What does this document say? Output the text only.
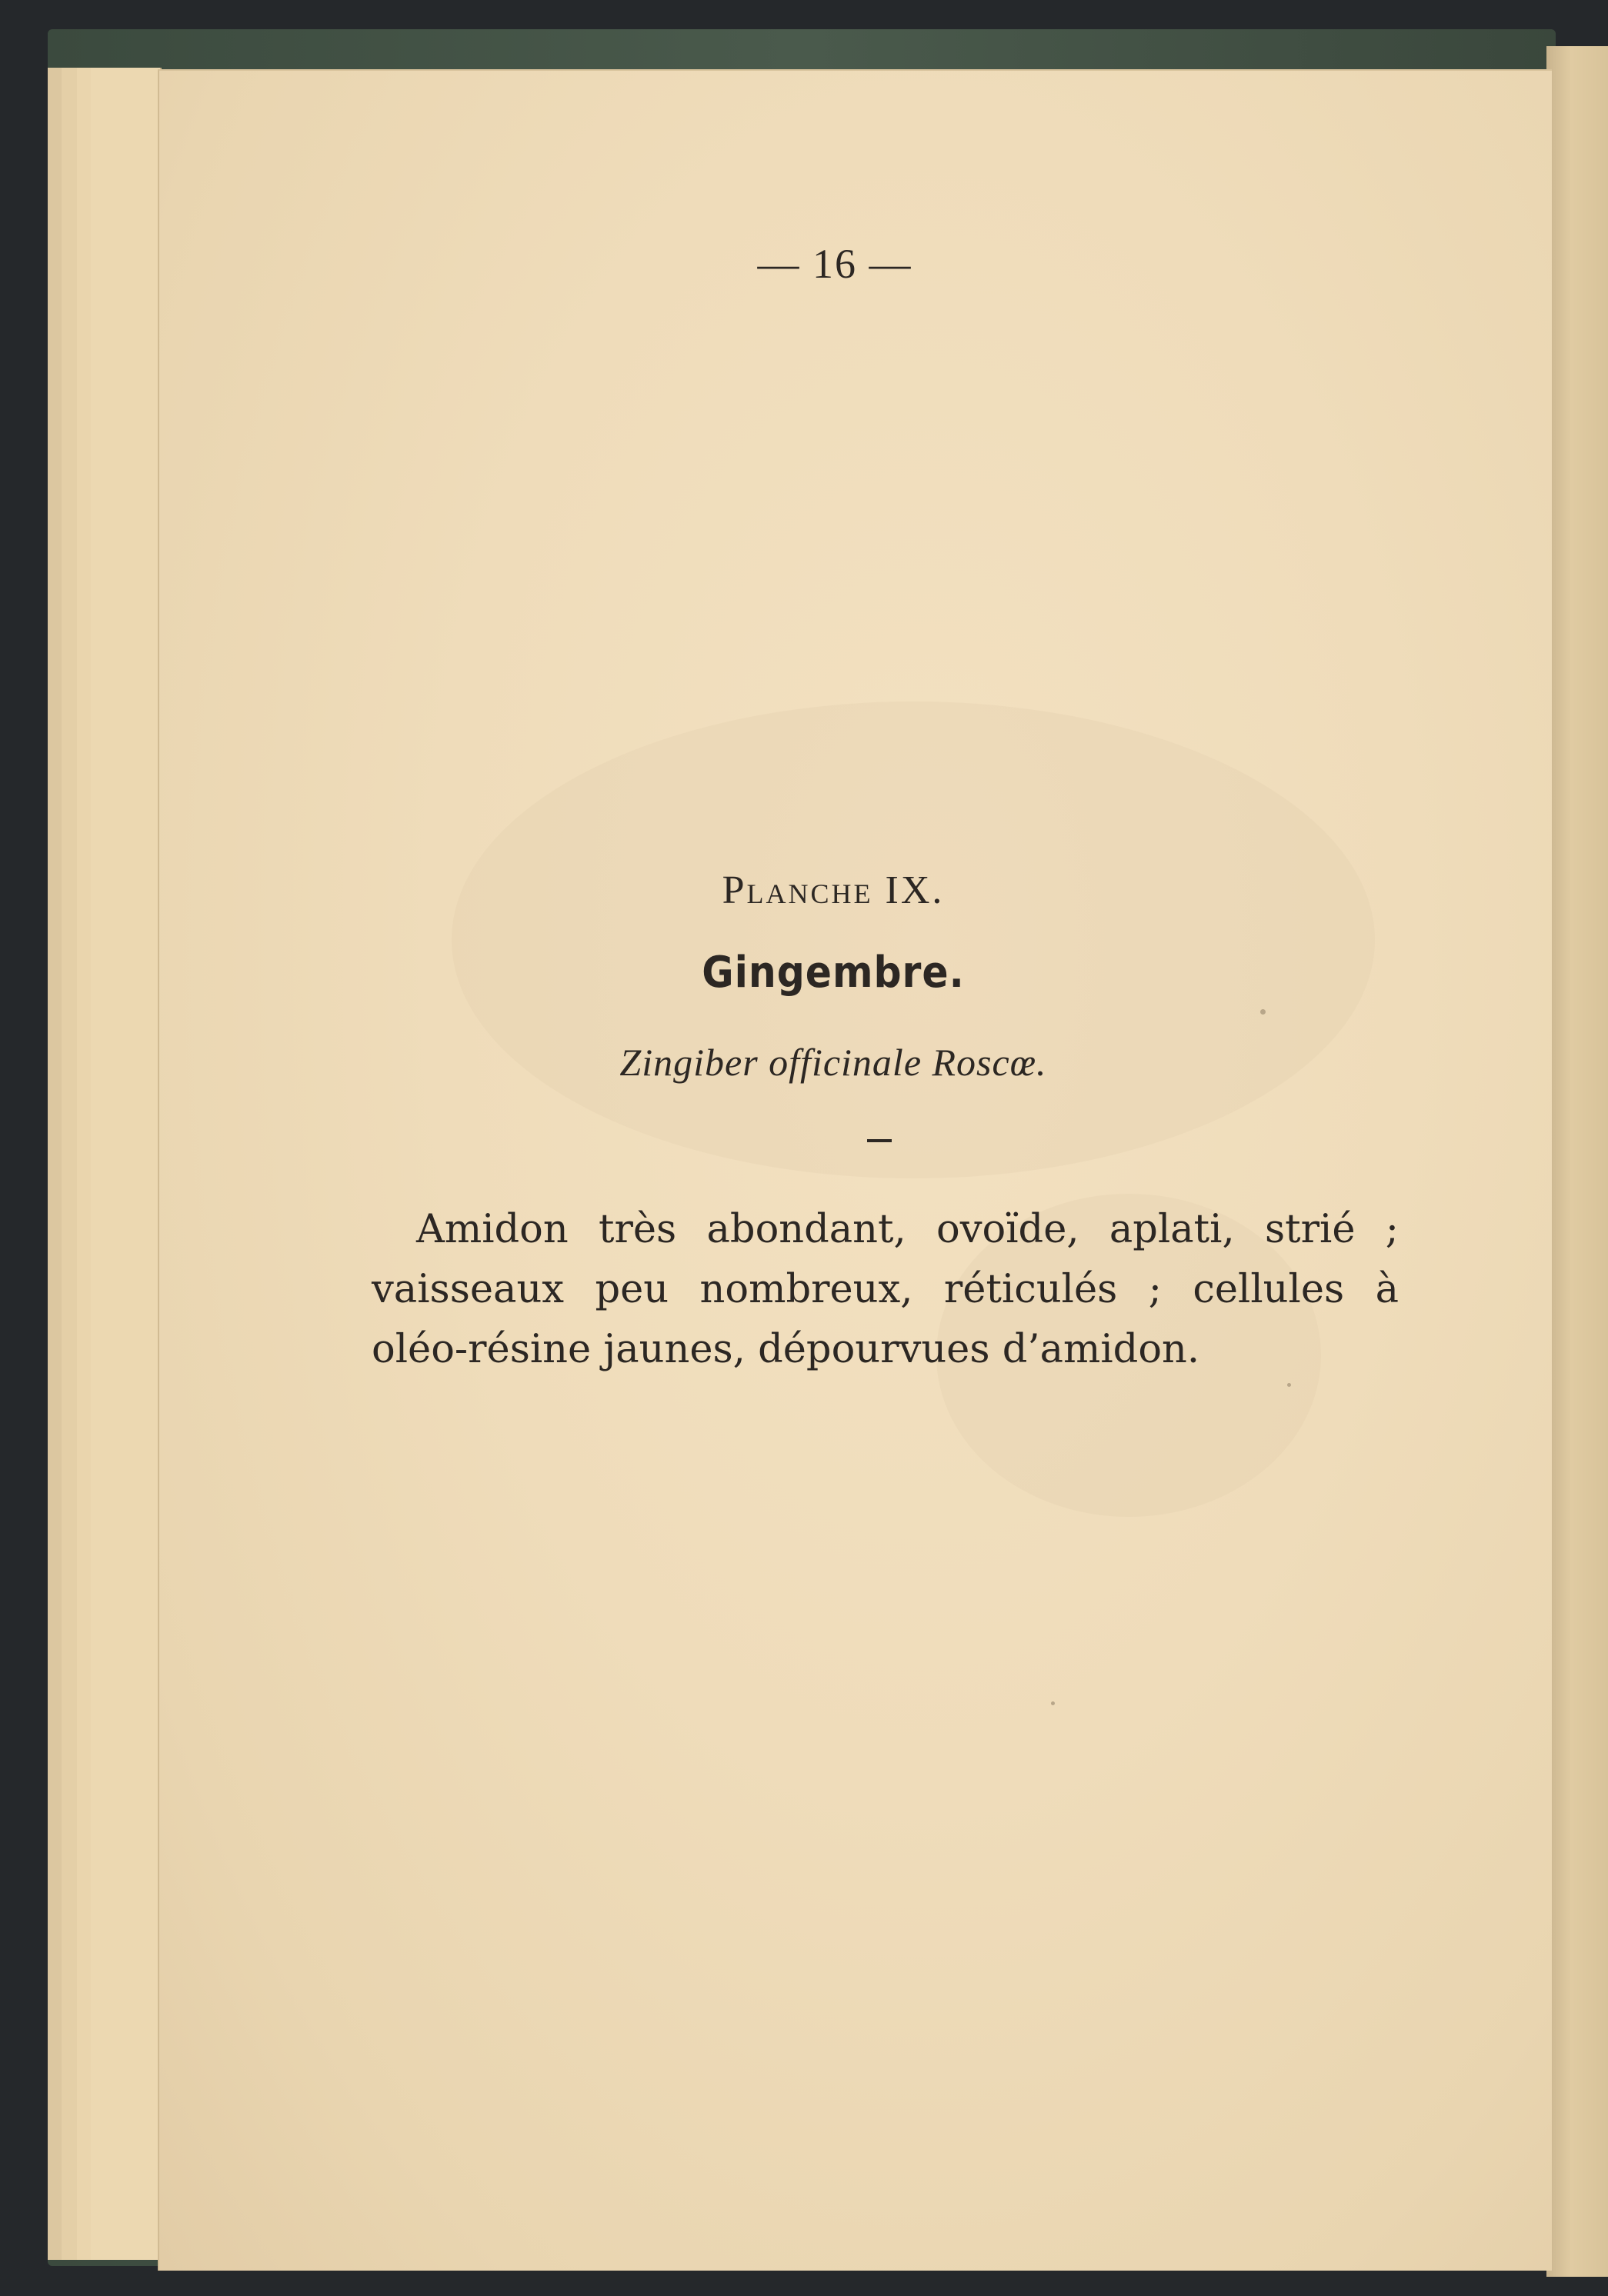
— 16 —
Planche IX.
Gingembre.
Zingiber officinale Roscœ.
Amidon très abondant, ovoïde, aplati, strié ;
vaisseaux peu nombreux, réticulés ; cellules à
oléo-résine jaunes, dépourvues d’amidon.
